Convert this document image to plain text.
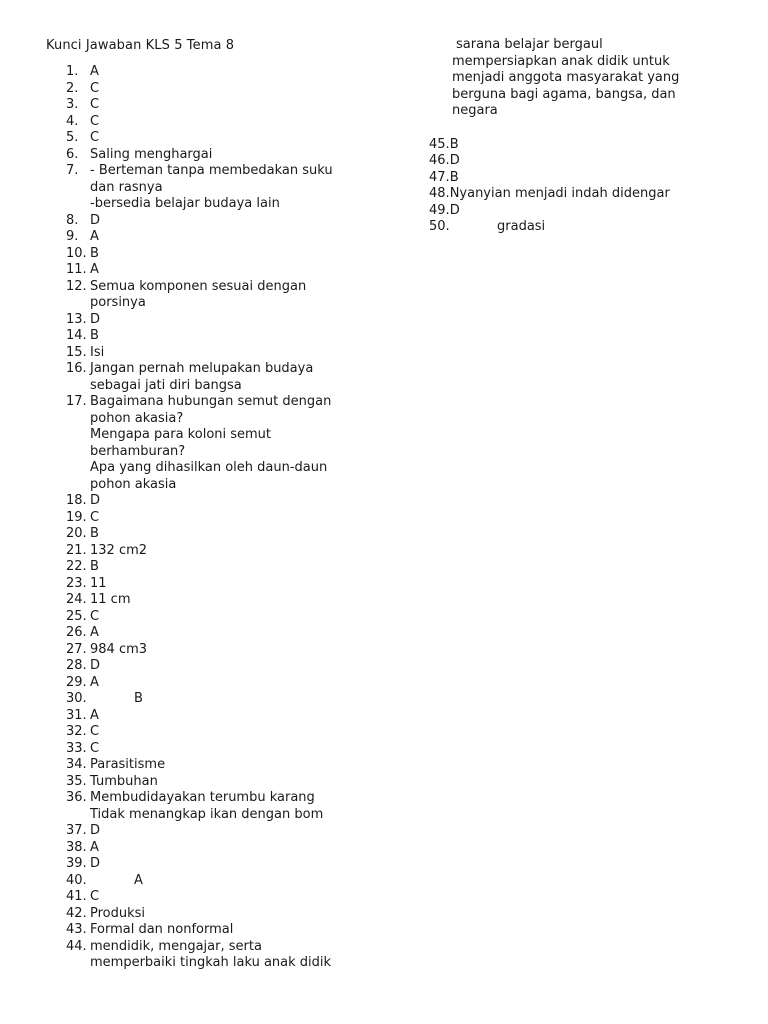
Kunci Jawaban KLS 5 Tema 8
1. A
2. C
3. C
4. C
5. C
6. Saling menghargai
7. - Berteman tanpa membedakan suku
dan rasnya
-bersedia belajar budaya lain
8. D
9. A
10. B
11. A
12. Semua komponen sesuai dengan
porsinya
13. D
14. B
15. Isi
16. Jangan pernah melupakan budaya
sebagai jati diri bangsa
17. Bagaimana hubungan semut dengan
pohon akasia?
Mengapa para koloni semut
berhamburan?
Apa yang dihasilkan oleh daun-daun
pohon akasia
18. D
19. C
20. B
21. 132 cm2
22. B
23. 11
24. 11 cm
25. C
26. A
27. 984 cm3
28. D
29. A
30.	B
31. A
32. C
33. C
34. Parasitisme
35. Tumbuhan
36. Membudidayakan terumbu karang
Tidak menangkap ikan dengan bom
37. D
38. A
39. D
40.	A
41. C
42. Produksi
43. Formal dan nonformal
44. mendidik, mengajar, serta
memperbaiki tingkah laku anak didik
sarana belajar bergaul
mempersiapkan anak didik untuk
menjadi anggota masyarakat yang
berguna bagi agama, bangsa, dan
negara
45.B
46.D
47.B
48.Nyanyian menjadi indah didengar
49.D
50.	gradasi
